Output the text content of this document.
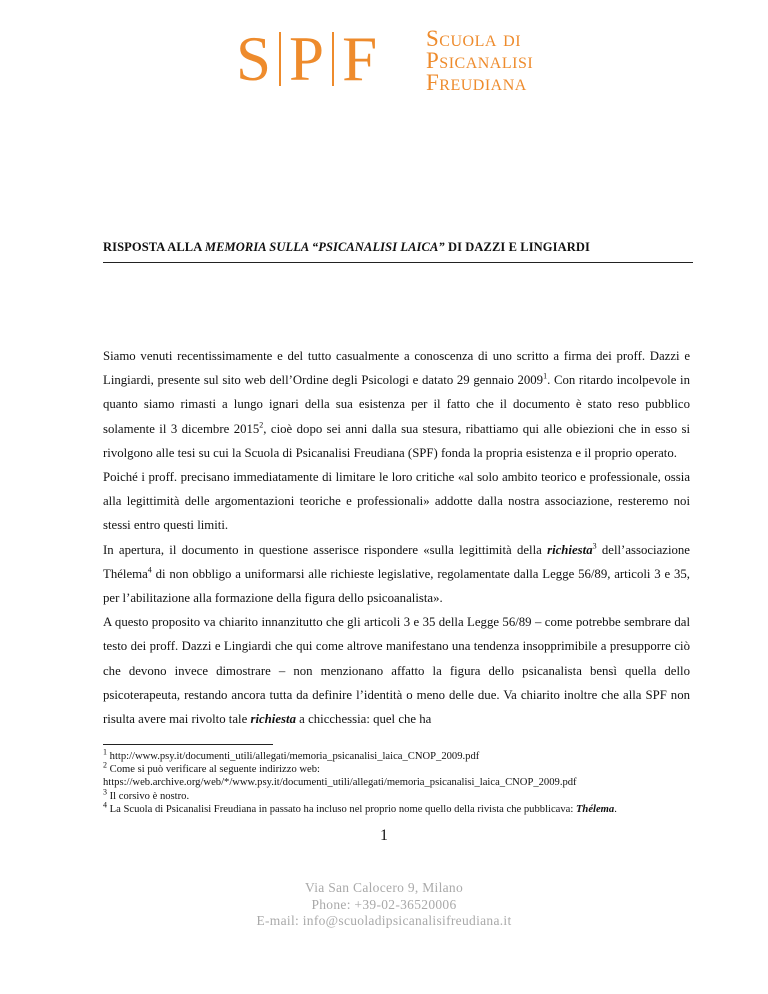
S P F Scuola di
Psicanalisi
Freudiana
RISPOSTA ALLA MEMORIA SULLA “PSICANALISI LAICA” DI DAZZI E LINGIARDI

Siamo venuti recentissimamente e del tutto casualmente a conoscenza di uno scritto a firma dei proff. Dazzi e Lingiardi, presente sul sito web dell’Ordine degli Psicologi e datato 29 gennaio 2009$^1$. Con ritardo incolpevole in quanto siamo rimasti a lungo ignari della sua esistenza per il fatto che il documento è stato reso pubblico solamente il 3 dicembre 2015$^2$, cioè dopo sei anni dalla sua stesura, ribattiamo qui alle obiezioni che in esso si rivolgono alle tesi su cui la Scuola di Psicanalisi Freudiana (SPF) fonda la propria esistenza e il proprio operato.

Poiché i proff. precisano immediatamente di limitare le loro critiche «al solo ambito teorico e professionale, ossia alla legittimità delle argomentazioni teoriche e professionali» addotte dalla nostra associazione, resteremo noi stessi entro questi limiti.

In apertura, il documento in questione asserisce rispondere «sulla legittimità della richiesta$^3$ dell’associazione Thélema$^4$ di non obbligo a uniformarsi alle richieste legislative, regolamentate dalla Legge 56/89, articoli 3 e 35, per l’abilitazione alla formazione della figura dello psicoanalista».

A questo proposito va chiarito innanzitutto che gli articoli 3 e 35 della Legge 56/89 – come potrebbe sembrare dal testo dei proff. Dazzi e Lingiardi che qui come altrove manifestano una tendenza insopprimibile a presupporre ciò che devono invece dimostrare – non menzionano affatto la figura dello psicanalista bensì quella dello psicoterapeuta, restando ancora tutta da definire l’identità o meno delle due. Va chiarito inoltre che alla SPF non risulta avere mai rivolto tale richiesta a chicchessia: quel che ha

$^1$ http://www.psy.it/documenti_utili/allegati/memoria_psicanalisi_laica_CNOP_2009.pdf
$^2$ Come si può verificare al seguente indirizzo web:
https://web.archive.org/web/*/www.psy.it/documenti_utili/allegati/memoria_psicanalisi_laica_CNOP_2009.pdf
$^3$ Il corsivo è nostro.
$^4$ La Scuola di Psicanalisi Freudiana in passato ha incluso nel proprio nome quello della rivista che pubblicava: Thélema.
1
Via San Calocero 9, Milano
Phone: +39-02-36520006
E-mail: info@scuoladipsicanalisifreudiana.it
